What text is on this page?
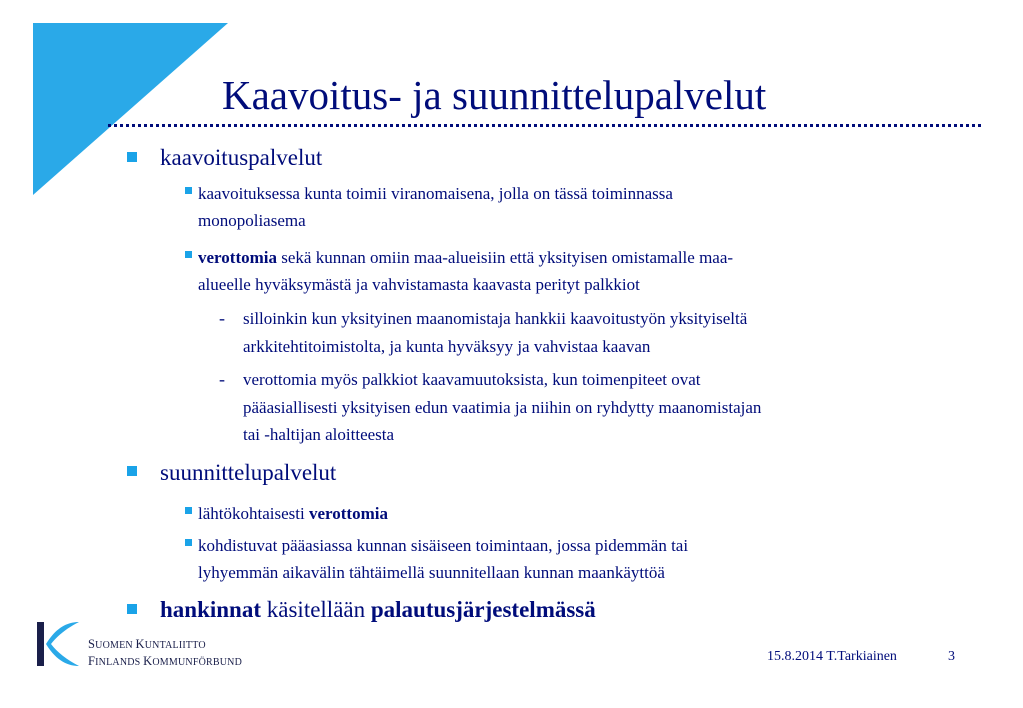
Kaavoitus- ja suunnittelupalvelut
kaavoituspalvelut
kaavoituksessa kunta toimii viranomaisena, jolla on tässä toiminnassa
monopoliasema
verottomia sekä kunnan omiin maa-alueisiin että yksityisen omistamalle maa-
alueelle hyväksymästä ja vahvistamasta kaavasta perityt palkkiot
- silloinkin kun yksityinen maanomistaja hankkii kaavoitustyön yksityiseltä
arkkitehtitoimistolta, ja kunta hyväksyy ja vahvistaa kaavan
- verottomia myös palkkiot kaavamuutoksista, kun toimenpiteet ovat
pääasiallisesti yksityisen edun vaatimia ja niihin on ryhdytty maanomistajan
tai -haltijan aloitteesta
suunnittelupalvelut
lähtökohtaisesti verottomia
kohdistuvat pääasiassa kunnan sisäiseen toimintaan, jossa pidemmän tai
lyhyemmän aikavälin tähtäimellä suunnitellaan kunnan maankäyttöä
hankinnat käsitellään palautusjärjestelmässä
SUOMEN KUNTALIITTO
FINLANDS KOMMUNFÖRBUND	15.8.2014 T.Tarkiainen	3
